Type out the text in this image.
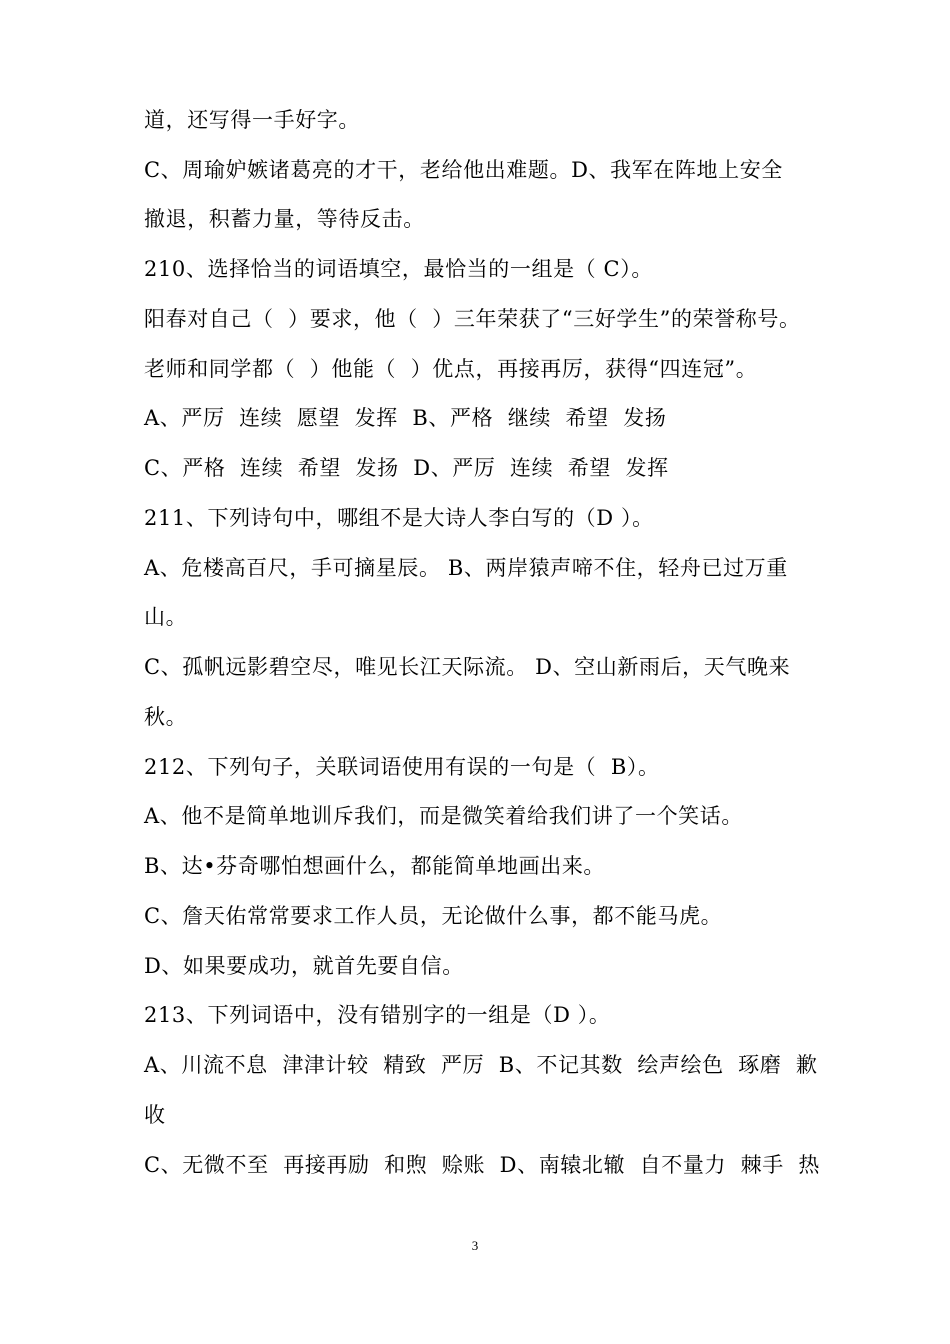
道，还写得一手好字。
C、周瑜妒嫉诸葛亮的才干，老给他出难题。D、我军在阵地上安全
撤退，积蓄力量，等待反击。
210、选择恰当的词语填空，最恰当的一组是（ C）。
阳春对自己（  ）要求，他（  ）三年荣获了“三好学生”的荣誉称号。
老师和同学都（  ）他能（  ）优点，再接再厉，获得“四连冠”。
A、严厉  连续  愿望  发挥  B、严格  继续  希望  发扬
C、严格  连续  希望  发扬  D、严厉  连续  希望  发挥
211、下列诗句中，哪组不是大诗人李白写的（D ）。
A、危楼高百尺，手可摘星辰。 B、两岸猿声啼不住，轻舟已过万重
山。
C、孤帆远影碧空尽，唯见长江天际流。 D、空山新雨后，天气晚来
秋。
212、下列句子，关联词语使用有误的一句是（  B）。
A、他不是简单地训斥我们，而是微笑着给我们讲了一个笑话。
B、达•芬奇哪怕想画什么，都能简单地画出来。
C、詹天佑常常要求工作人员，无论做什么事，都不能马虎。
D、如果要成功，就首先要自信。
213、下列词语中，没有错别字的一组是（D ）。
A、川流不息  津津计较  精致  严厉  B、不记其数  绘声绘色  琢磨  歉
收
C、无微不至  再接再励  和煦  赊账  D、南辕北辙  自不量力  棘手  热
3
